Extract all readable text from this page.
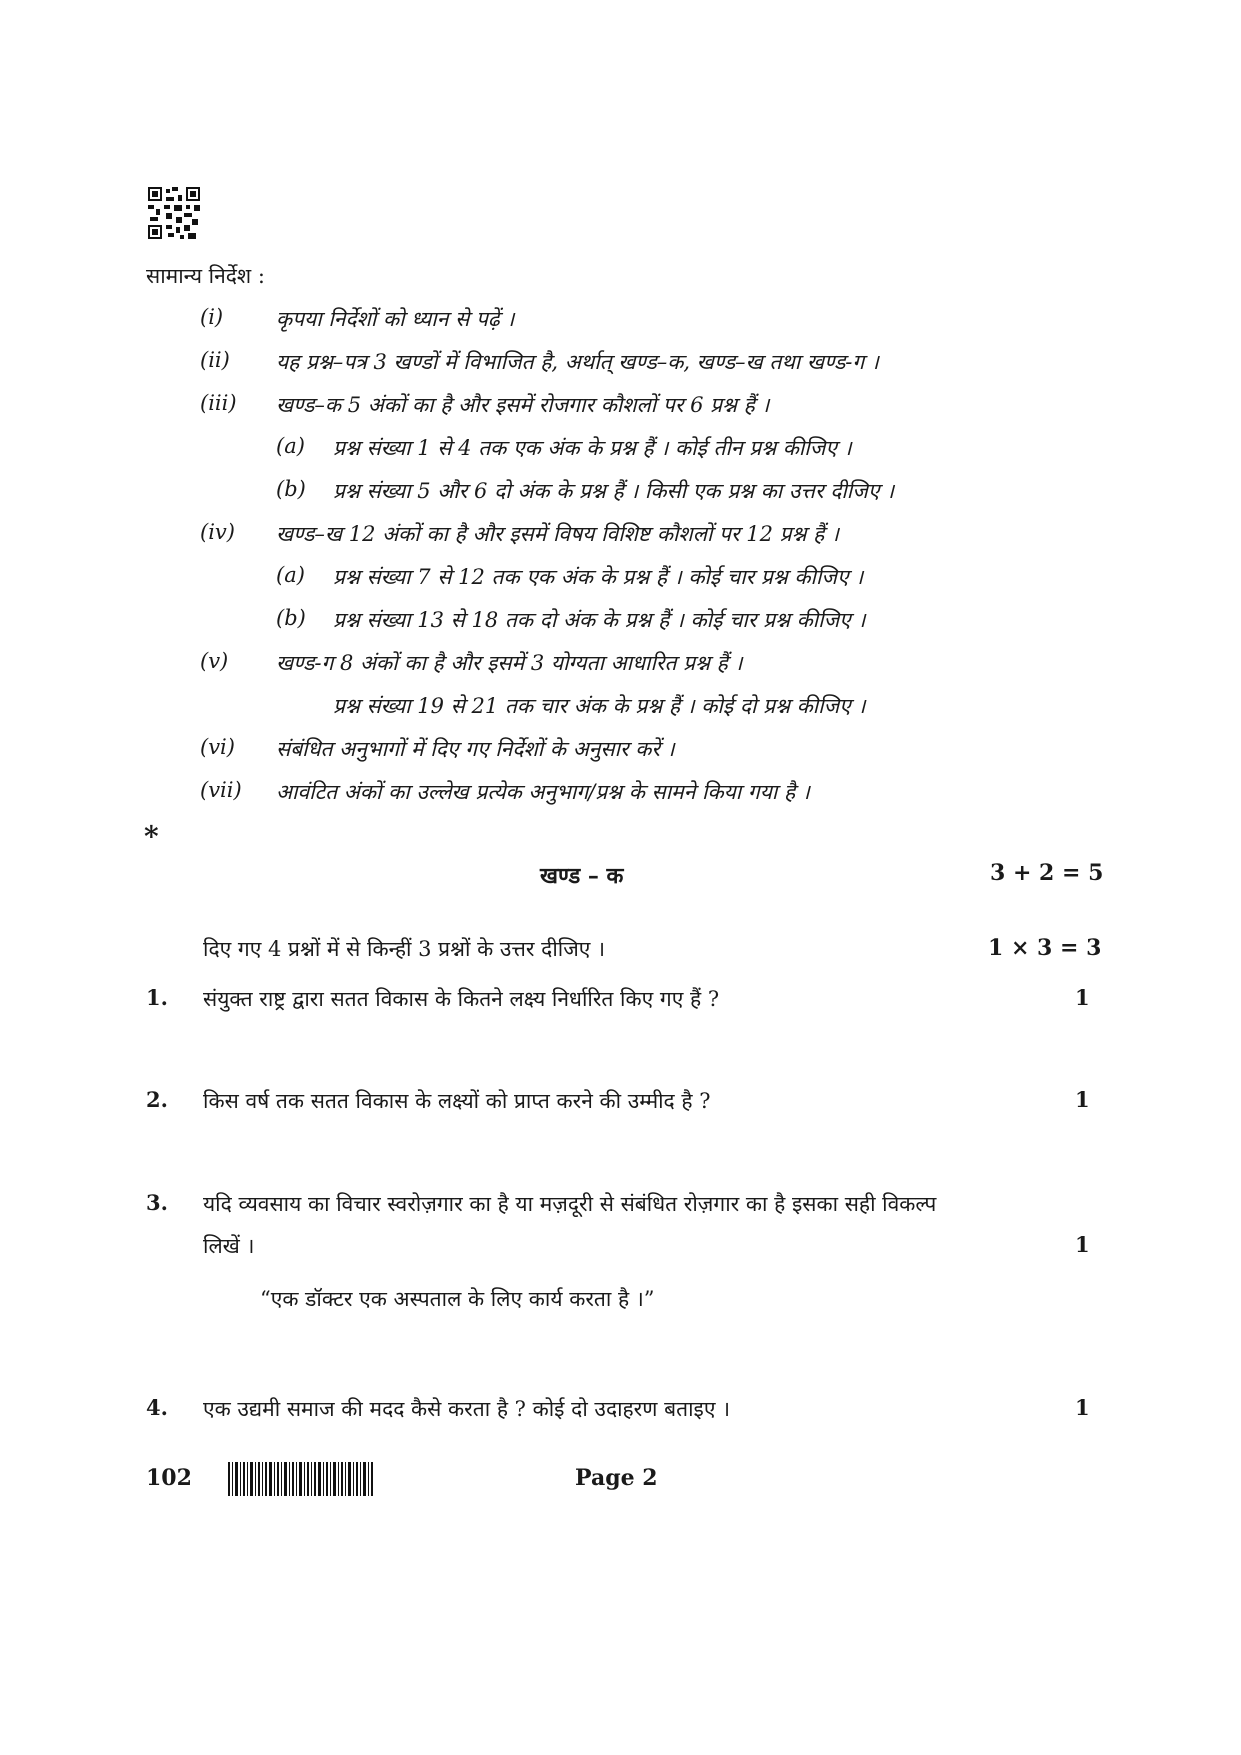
सामान्य निर्देश :
(i)	कृपया निर्देशों को ध्यान से पढ़ें ।
(ii) यह प्रश्न–पत्र 3 खण्डों में विभाजित है, अर्थात् खण्ड–क, खण्ड–ख तथा खण्ड-ग ।
(iii) खण्ड–क 5 अंकों का है और इसमें रोजगार कौशलों पर 6 प्रश्न हैं ।
(a) प्रश्न संख्या 1 से 4 तक एक अंक के प्रश्न हैं । कोई तीन प्रश्न कीजिए ।
(b) प्रश्न संख्या 5 और 6 दो अंक के प्रश्न हैं । किसी एक प्रश्न का उत्तर दीजिए ।
(iv) खण्ड–ख 12 अंकों का है और इसमें विषय विशिष्ट कौशलों पर 12 प्रश्न हैं ।
(a) प्रश्न संख्या 7 से 12 तक एक अंक के प्रश्न हैं । कोई चार प्रश्न कीजिए ।
(b) प्रश्न संख्या 13 से 18 तक दो अंक के प्रश्न हैं । कोई चार प्रश्न कीजिए ।
(v) खण्ड-ग 8 अंकों का है और इसमें 3 योग्यता आधारित प्रश्न हैं ।
प्रश्न संख्या 19 से 21 तक चार अंक के प्रश्न हैं । कोई दो प्रश्न कीजिए ।
(vi) संबंधित अनुभागों में दिए गए निर्देशों के अनुसार करें ।
(vii) आवंटित अंकों का उल्लेख प्रत्येक अनुभाग/प्रश्न के सामने किया गया है ।
*
खण्ड – क	3 + 2 = 5
दिए गए 4 प्रश्नों में से किन्हीं 3 प्रश्नों के उत्तर दीजिए ।	1 × 3 = 3
1. संयुक्त राष्ट्र द्वारा सतत विकास के कितने लक्ष्य निर्धारित किए गए हैं ?	1
2. किस वर्ष तक सतत विकास के लक्ष्यों को प्राप्त करने की उम्मीद है ?	1
3. यदि व्यवसाय का विचार स्वरोज़गार का है या मज़दूरी से संबंधित रोज़गार का है इसका सही विकल्प
लिखें ।	1
“एक डॉक्टर एक अस्पताल के लिए कार्य करता है ।”
4. एक उद्यमी समाज की मदद कैसे करता है ? कोई दो उदाहरण बताइए ।	1
102	Page 2
